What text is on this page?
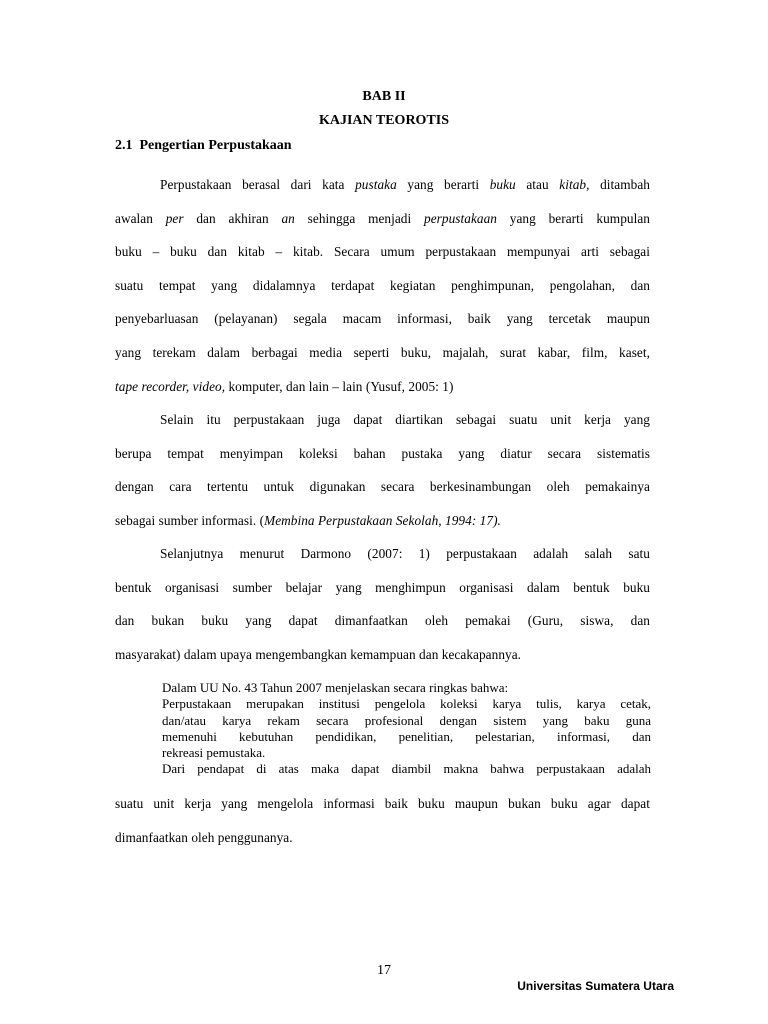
BAB II
KAJIAN TEOROTIS
2.1 Pengertian Perpustakaan
Perpustakaan berasal dari kata pustaka yang berarti buku atau kitab, ditambah
awalan per dan akhiran an sehingga menjadi perpustakaan yang berarti kumpulan
buku – buku dan kitab – kitab. Secara umum perpustakaan mempunyai arti sebagai
suatu tempat yang didalamnya terdapat kegiatan penghimpunan, pengolahan, dan
penyebarluasan (pelayanan) segala macam informasi, baik yang tercetak maupun
yang terekam dalam berbagai media seperti buku, majalah, surat kabar, film, kaset,
tape recorder, video, komputer, dan lain – lain (Yusuf, 2005: 1)
Selain itu perpustakaan juga dapat diartikan sebagai suatu unit kerja yang
berupa tempat menyimpan koleksi bahan pustaka yang diatur secara sistematis
dengan cara tertentu untuk digunakan secara berkesinambungan oleh pemakainya
sebagai sumber informasi. (Membina Perpustakaan Sekolah, 1994: 17).
Selanjutnya menurut Darmono (2007: 1) perpustakaan adalah salah satu
bentuk organisasi sumber belajar yang menghimpun organisasi dalam bentuk buku
dan bukan buku yang dapat dimanfaatkan oleh pemakai (Guru, siswa, dan
masyarakat) dalam upaya mengembangkan kemampuan dan kecakapannya.
Dalam UU No. 43 Tahun 2007 menjelaskan secara ringkas bahwa:
Perpustakaan merupakan institusi pengelola koleksi karya tulis, karya cetak,
dan/atau karya rekam secara profesional dengan sistem yang baku guna
memenuhi kebutuhan pendidikan, penelitian, pelestarian, informasi, dan
rekreasi pemustaka.
Dari pendapat di atas maka dapat diambil makna bahwa perpustakaan adalah
suatu unit kerja yang mengelola informasi baik buku maupun bukan buku agar dapat
dimanfaatkan oleh penggunanya.
17
Universitas Sumatera Utara
